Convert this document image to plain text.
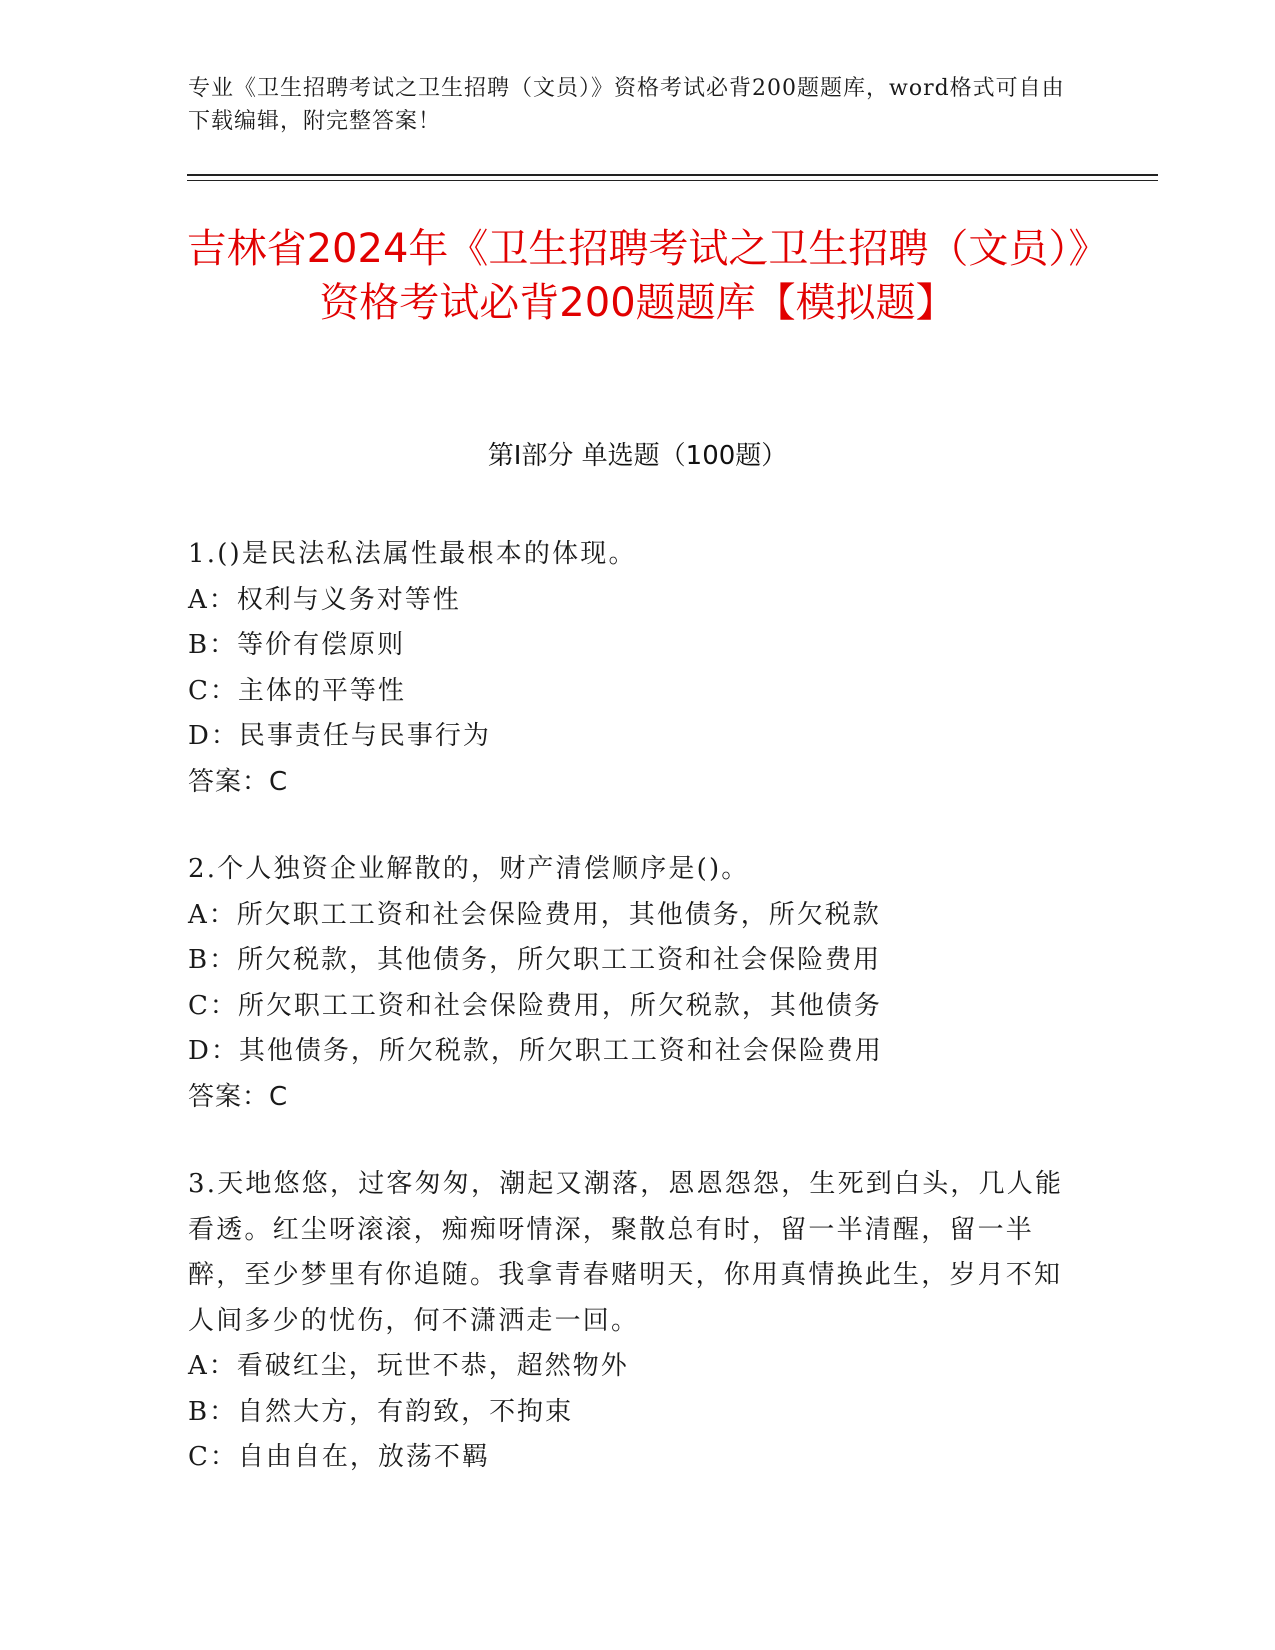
专业《卫生招聘考试之卫生招聘（文员）》资格考试必背200题题库，word格式可自由下载编辑，附完整答案！
吉林省2024年《卫生招聘考试之卫生招聘（文员）》资格考试必背200题题库【模拟题】
第I部分 单选题（100题）
1.()是民法私法属性最根本的体现。
A：权利与义务对等性
B：等价有偿原则
C：主体的平等性
D：民事责任与民事行为
答案：C
2.个人独资企业解散的，财产清偿顺序是()。
A：所欠职工工资和社会保险费用，其他债务，所欠税款
B：所欠税款，其他债务，所欠职工工资和社会保险费用
C：所欠职工工资和社会保险费用，所欠税款，其他债务
D：其他债务，所欠税款，所欠职工工资和社会保险费用
答案：C
3.天地悠悠，过客匆匆，潮起又潮落，恩恩怨怨，生死到白头，几人能看透。红尘呀滚滚，痴痴呀情深，聚散总有时，留一半清醒，留一半醉，至少梦里有你追随。我拿青春赌明天，你用真情换此生，岁月不知人间多少的忧伤，何不潇洒走一回。
A：看破红尘，玩世不恭，超然物外
B：自然大方，有韵致，不拘束
C：自由自在，放荡不羁
